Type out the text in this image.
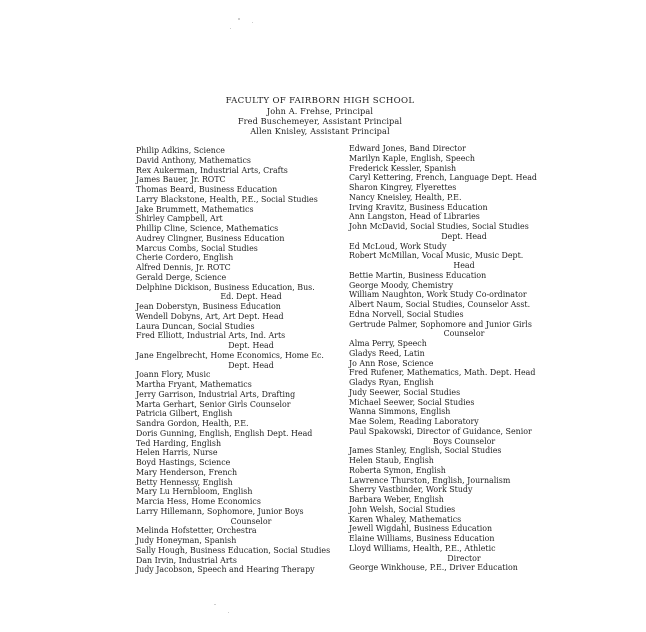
FACULTY OF FAIRBORN HIGH SCHOOL
John A. Frehse, Principal
Fred Buschemeyer, Assistant Principal
Allen Knisley, Assistant Principal
Philip Adkins, Science
David Anthony, Mathematics
Rex Aukerman, Industrial Arts, Crafts
James Bauer, Jr. ROTC
Thomas Beard, Business Education
Larry Blackstone, Health, P.E., Social Studies
Jake Brummett, Mathematics
Shirley Campbell, Art
Phillip Cline, Science, Mathematics
Audrey Clingner, Business Education
Marcus Combs, Social Studies
Cherie Cordero, English
Alfred Dennis, Jr. ROTC
Gerald Derge, Science
Delphine Dickison, Business Education, Bus.
Ed. Dept. Head
Jean Doberstyn, Business Education
Wendell Dobyns, Art, Art Dept. Head
Laura Duncan, Social Studies
Fred Elliott, Industrial Arts, Ind. Arts
Dept. Head
Jane Engelbrecht, Home Economics, Home Ec.
Dept. Head
Joann Flory, Music
Martha Fryant, Mathematics
Jerry Garrison, Industrial Arts, Drafting
Marta Gerhart, Senior Girls Counselor
Patricia Gilbert, English
Sandra Gordon, Health, P.E.
Doris Gunning, English, English Dept. Head
Ted Harding, English
Helen Harris, Nurse
Boyd Hastings, Science
Mary Henderson, French
Betty Hennessy, English
Mary Lu Hernbloom, English
Marcia Hess, Home Economics
Larry Hillemann, Sophomore, Junior Boys
Counselor
Melinda Hofstetter, Orchestra
Judy Honeyman, Spanish
Sally Hough, Business Education, Social Studies
Dan Irvin, Industrial Arts
Judy Jacobson, Speech and Hearing Therapy
Edward Jones, Band Director
Marilyn Kaple, English, Speech
Frederick Kessler, Spanish
Caryl Kettering, French, Language Dept. Head
Sharon Kingrey, Flyerettes
Nancy Kneisley, Health, P.E.
Irving Kravitz, Business Education
Ann Langston, Head of Libraries
John McDavid, Social Studies, Social Studies
Dept. Head
Ed McLoud, Work Study
Robert McMillan, Vocal Music, Music Dept.
Head
Bettie Martin, Business Education
George Moody, Chemistry
William Naughton, Work Study Co-ordinator
Albert Naum, Social Studies, Counselor Asst.
Edna Norvell, Social Studies
Gertrude Palmer, Sophomore and Junior Girls
Counselor
Alma Perry, Speech
Gladys Reed, Latin
Jo Ann Rose, Science
Fred Rufener, Mathematics, Math. Dept. Head
Gladys Ryan, English
Judy Seewer, Social Studies
Michael Seewer, Social Studies
Wanna Simmons, English
Mae Solem, Reading Laboratory
Paul Spakowski, Director of Guidance, Senior
Boys Counselor
James Stanley, English, Social Studies
Helen Staub, English
Roberta Symon, English
Lawrence Thurston, English, Journalism
Sherry Vastbinder, Work Study
Barbara Weber, English
John Welsh, Social Studies
Karen Whaley, Mathematics
Jewell Wigdahl, Business Education
Elaine Williams, Business Education
Lloyd Williams, Health, P.E., Athletic
Director
George Winkhouse, P.E., Driver Education
